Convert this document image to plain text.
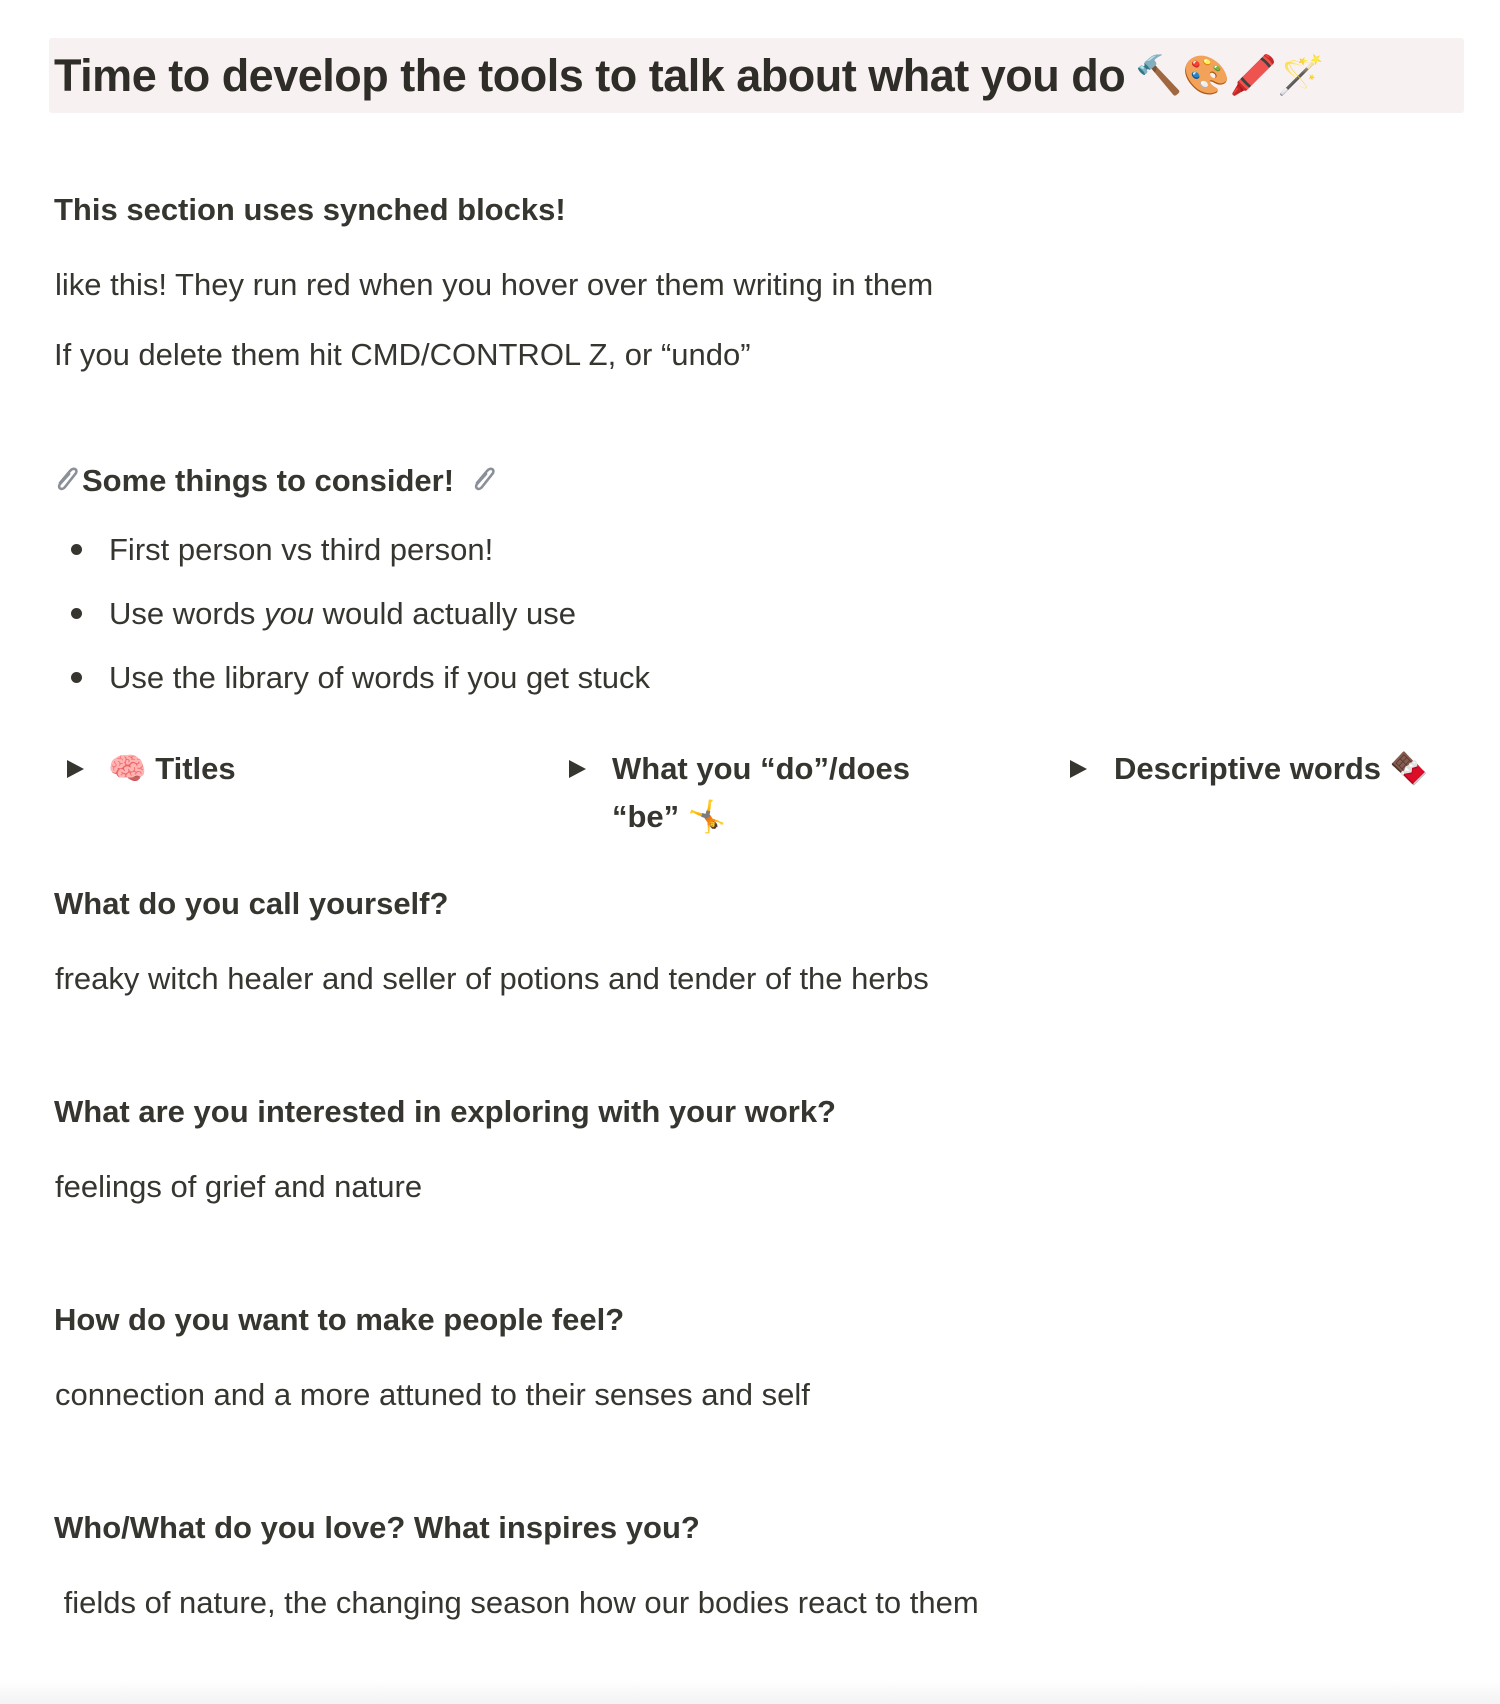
Time to develop the tools to talk about what you do 🔨🎨🖍️🪄
This section uses synched blocks!
like this! They run red when you hover over them writing in them
If you delete them hit CMD/CONTROL Z, or “undo”
Some things to consider!
First person vs third person!
Use words you would actually use
Use the library of words if you get stuck
🧠 Titles	What you “do”/does
“be” 🤸
Descriptive words 🍫
What do you call yourself?
freaky witch healer and seller of potions and tender of the herbs
What are you interested in exploring with your work?
feelings of grief and nature
How do you want to make people feel?
connection and a more attuned to their senses and self
Who/What do you love? What inspires you?
fields of nature, the changing season how our bodies react to them
